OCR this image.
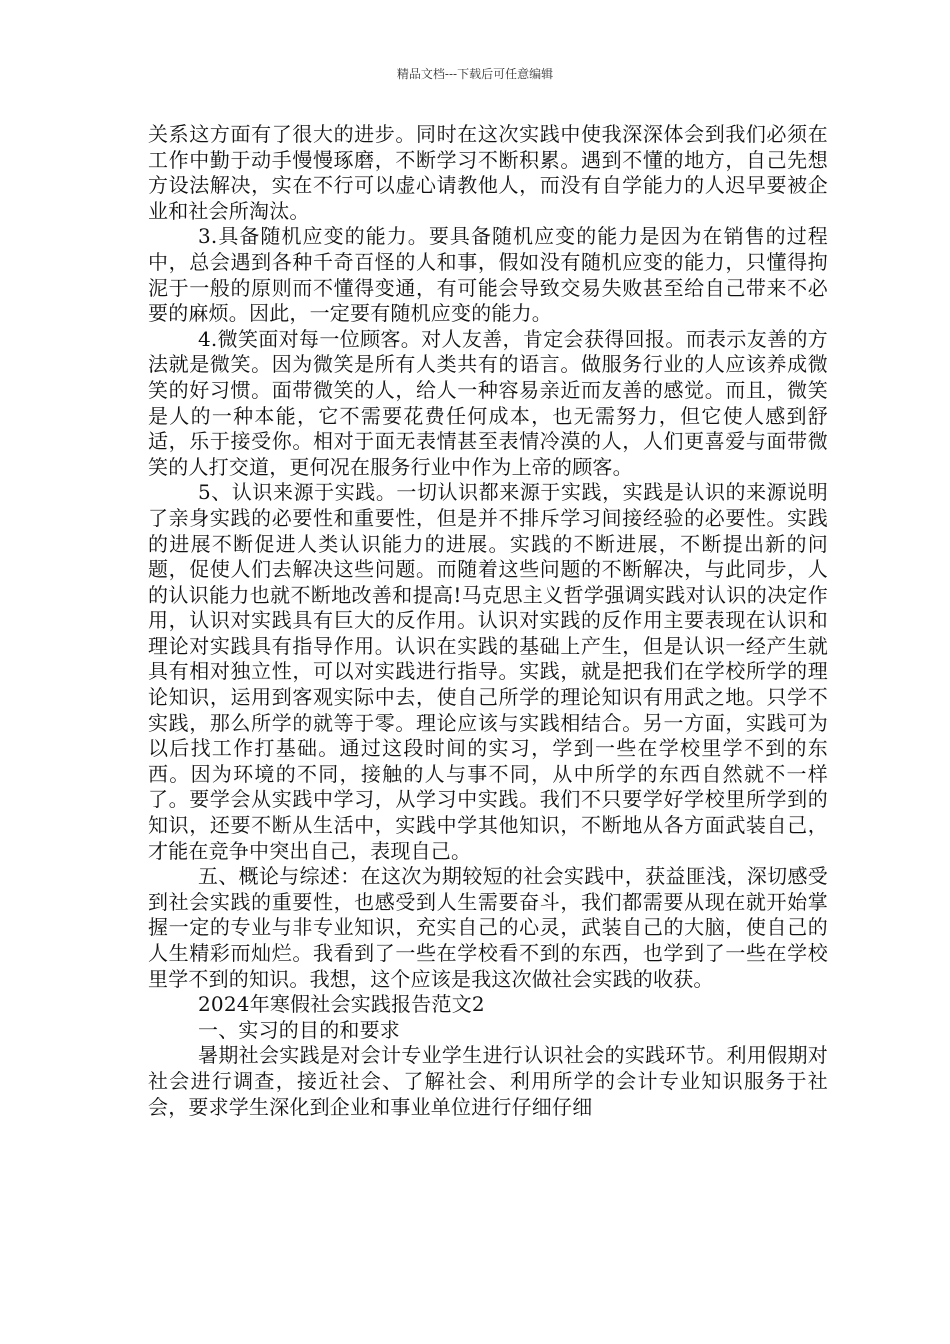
精品文档---下载后可任意编辑

关系这方面有了很大的进步。同时在这次实践中使我深深体会到我们必须在工作中勤于动手慢慢琢磨，不断学习不断积累。遇到不懂的地方，自己先想方设法解决，实在不行可以虚心请教他人，而没有自学能力的人迟早要被企业和社会所淘汰。

3.具备随机应变的能力。要具备随机应变的能力是因为在销售的过程中，总会遇到各种千奇百怪的人和事，假如没有随机应变的能力，只懂得拘泥于一般的原则而不懂得变通，有可能会导致交易失败甚至给自己带来不必要的麻烦。因此，一定要有随机应变的能力。

4.微笑面对每一位顾客。对人友善，肯定会获得回报。而表示友善的方法就是微笑。因为微笑是所有人类共有的语言。做服务行业的人应该养成微笑的好习惯。面带微笑的人，给人一种容易亲近而友善的感觉。而且，微笑是人的一种本能，它不需要花费任何成本，也无需努力，但它使人感到舒适，乐于接受你。相对于面无表情甚至表情冷漠的人，人们更喜爱与面带微笑的人打交道，更何况在服务行业中作为上帝的顾客。

5、认识来源于实践。一切认识都来源于实践，实践是认识的来源说明了亲身实践的必要性和重要性，但是并不排斥学习间接经验的必要性。实践的进展不断促进人类认识能力的进展。实践的不断进展，不断提出新的问题，促使人们去解决这些问题。而随着这些问题的不断解决，与此同步，人的认识能力也就不断地改善和提高!马克思主义哲学强调实践对认识的决定作用，认识对实践具有巨大的反作用。认识对实践的反作用主要表现在认识和理论对实践具有指导作用。认识在实践的基础上产生，但是认识一经产生就具有相对独立性，可以对实践进行指导。实践，就是把我们在学校所学的理论知识，运用到客观实际中去，使自己所学的理论知识有用武之地。只学不实践，那么所学的就等于零。理论应该与实践相结合。另一方面，实践可为以后找工作打基础。通过这段时间的实习，学到一些在学校里学不到的东西。因为环境的不同，接触的人与事不同，从中所学的东西自然就不一样了。要学会从实践中学习，从学习中实践。我们不只要学好学校里所学到的知识，还要不断从生活中，实践中学其他知识，不断地从各方面武装自己，才能在竞争中突出自己，表现自己。

五、概论与综述：在这次为期较短的社会实践中，获益匪浅，深切感受到社会实践的重要性，也感受到人生需要奋斗，我们都需要从现在就开始掌握一定的专业与非专业知识，充实自己的心灵，武装自己的大脑，使自己的人生精彩而灿烂。我看到了一些在学校看不到的东西，也学到了一些在学校里学不到的知识。我想，这个应该是我这次做社会实践的收获。

2024年寒假社会实践报告范文2

一、实习的目的和要求

暑期社会实践是对会计专业学生进行认识社会的实践环节。利用假期对社会进行调查，接近社会、了解社会、利用所学的会计专业知识服务于社会，要求学生深化到企业和事业单位进行仔细仔细
